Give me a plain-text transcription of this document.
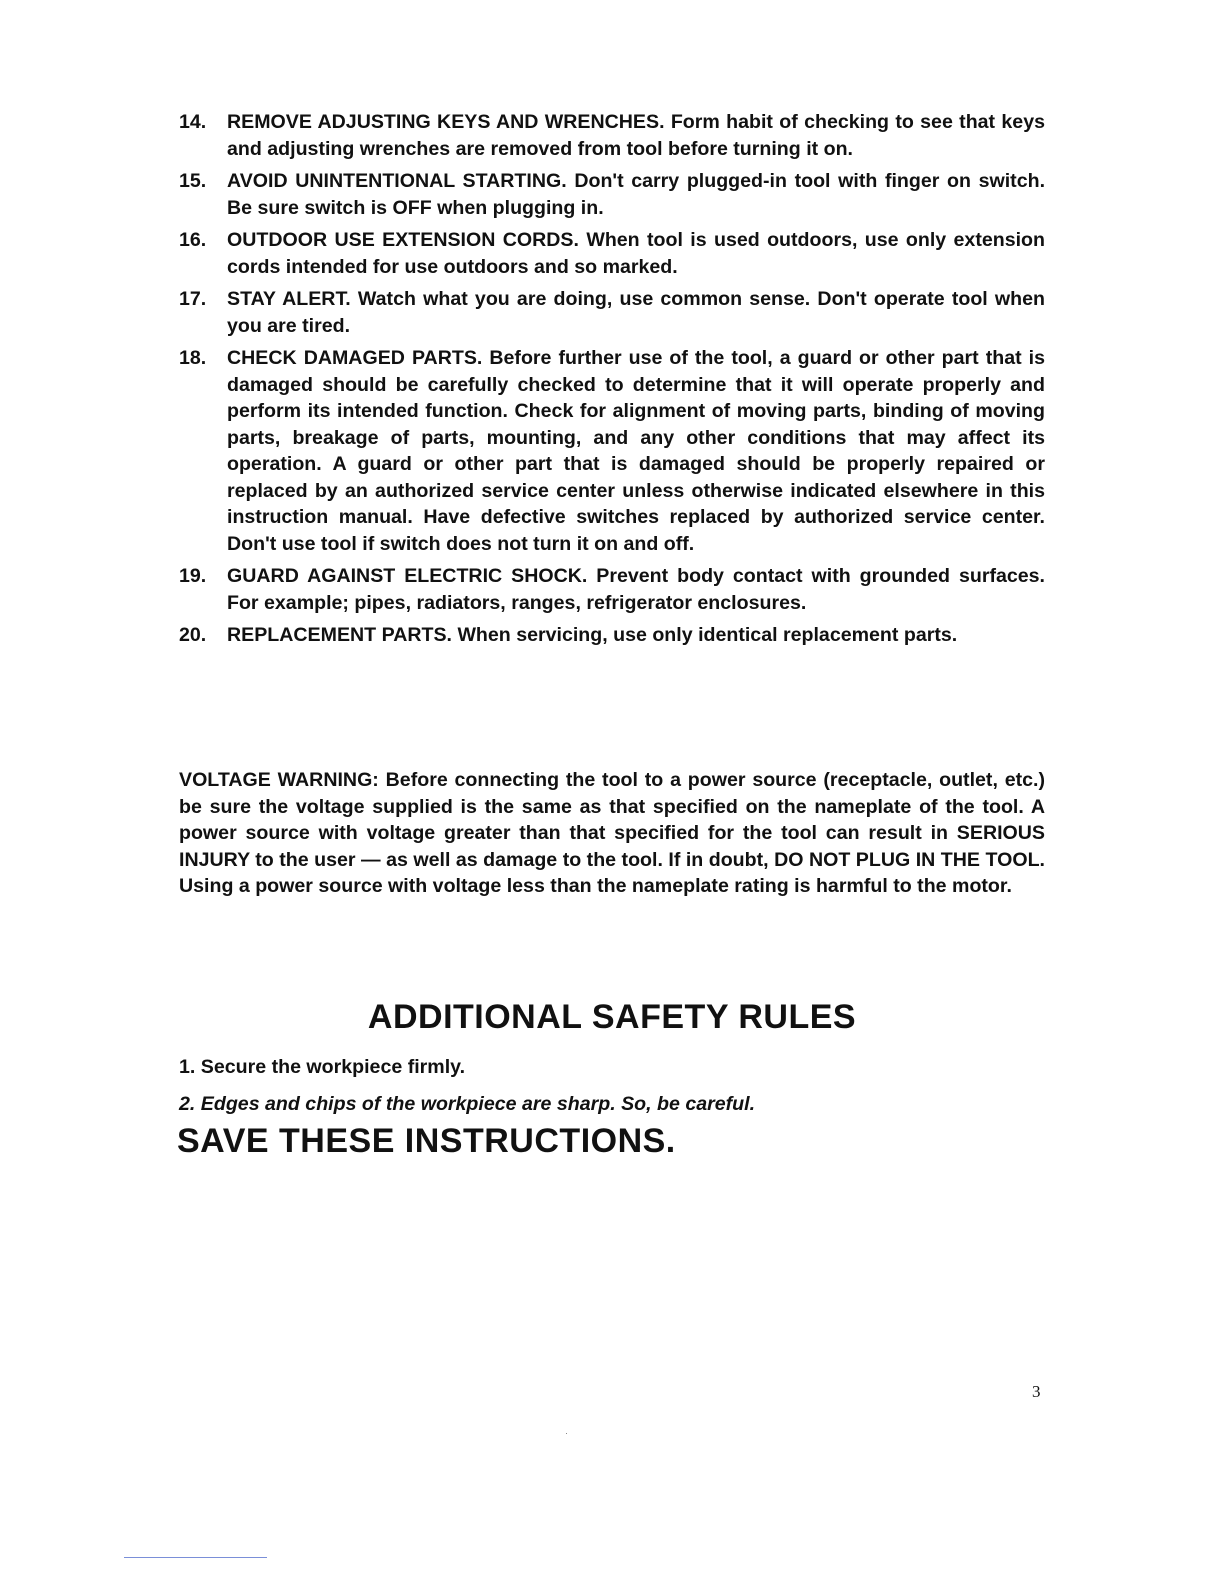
14.	REMOVE ADJUSTING KEYS AND WRENCHES. Form habit of checking to see that keys and adjusting wrenches are removed from tool before turning it on.
15.	AVOID UNINTENTIONAL STARTING. Don't carry plugged-in tool with finger on switch. Be sure switch is OFF when plugging in.
16.	OUTDOOR USE EXTENSION CORDS. When tool is used outdoors, use only extension cords intended for use outdoors and so marked.
17.	STAY ALERT. Watch what you are doing, use common sense. Don't operate tool when you are tired.
18.	CHECK DAMAGED PARTS. Before further use of the tool, a guard or other part that is damaged should be carefully checked to determine that it will operate properly and perform its intended function. Check for alignment of moving parts, binding of moving parts, breakage of parts, mounting, and any other conditions that may affect its operation. A guard or other part that is damaged should be properly repaired or replaced by an authorized service center unless otherwise indicated elsewhere in this instruction manual. Have defective switches replaced by authorized service center. Don't use tool if switch does not turn it on and off.
19.	GUARD AGAINST ELECTRIC SHOCK. Prevent body contact with grounded surfaces. For example; pipes, radiators, ranges, refrigerator enclosures.
20.	REPLACEMENT PARTS. When servicing, use only identical replacement parts.
VOLTAGE WARNING: Before connecting the tool to a power source (receptacle, outlet, etc.) be sure the voltage supplied is the same as that specified on the nameplate of the tool. A power source with voltage greater than that specified for the tool can result in SERIOUS INJURY to the user — as well as damage to the tool. If in doubt, DO NOT PLUG IN THE TOOL. Using a power source with voltage less than the nameplate rating is harmful to the motor.
ADDITIONAL SAFETY RULES
1. Secure the workpiece firmly.
2. Edges and chips of the workpiece are sharp. So, be careful.
SAVE THESE INSTRUCTIONS.
3
